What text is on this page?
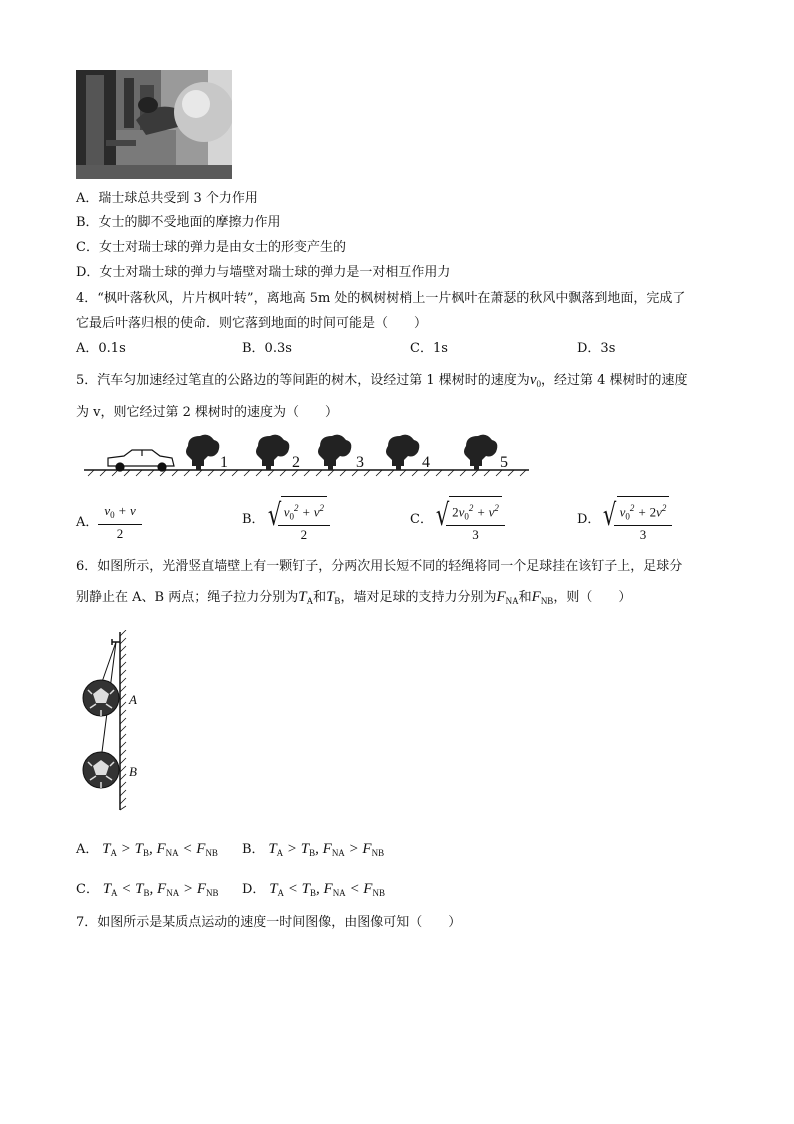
A．瑞士球总共受到 3 个力作用
B．女士的脚不受地面的摩擦力作用
C．女士对瑞士球的弹力是由女士的形变产生的
D．女士对瑞士球的弹力与墙壁对瑞士球的弹力是一对相互作用力
4．“枫叶落秋风，片片枫叶转”，离地高 5m 处的枫树树梢上一片枫叶在萧瑟的秋风中飘落到地面，完成了
它最后叶落归根的使命．则它落到地面的时间可能是（　　）
A．0.1s	B．0.3s	C．1s	D．3s
5．汽车匀加速经过笔直的公路边的等间距的树木，设经过第 1 棵树时的速度为$v_0$，经过第 4 棵树时的速度
为 v，则它经过第 2 棵树时的速度为（　　）
1	2	3	4	5
A． $\frac{v_0 + v}{2}$	B． √ $\frac{v_0^2 + v^2}{2}$	C． √ $\frac{2v_0^2 + v^2}{3}$	D． √ $\frac{v_0^2 + 2v^2}{3}$
6．如图所示，光滑竖直墙壁上有一颗钉子，分两次用长短不同的轻绳将同一个足球挂在该钉子上，足球分
别静止在 A、B 两点；绳子拉力分别为$T_A$和$T_B$，墙对足球的支持力分别为$F_{NA}$和$F_{NB}$，则（　　）
A
B
A． $T_A > T_B$, $F_{NA} < F_{NB}$ B． $T_A > T_B$, $F_{NA} > F_{NB}$
C． $T_A < T_B$, $F_{NA} > F_{NB}$ D． $T_A < T_B$, $F_{NA} < F_{NB}$
7．如图所示是某质点运动的速度一时间图像，由图像可知（　　）
